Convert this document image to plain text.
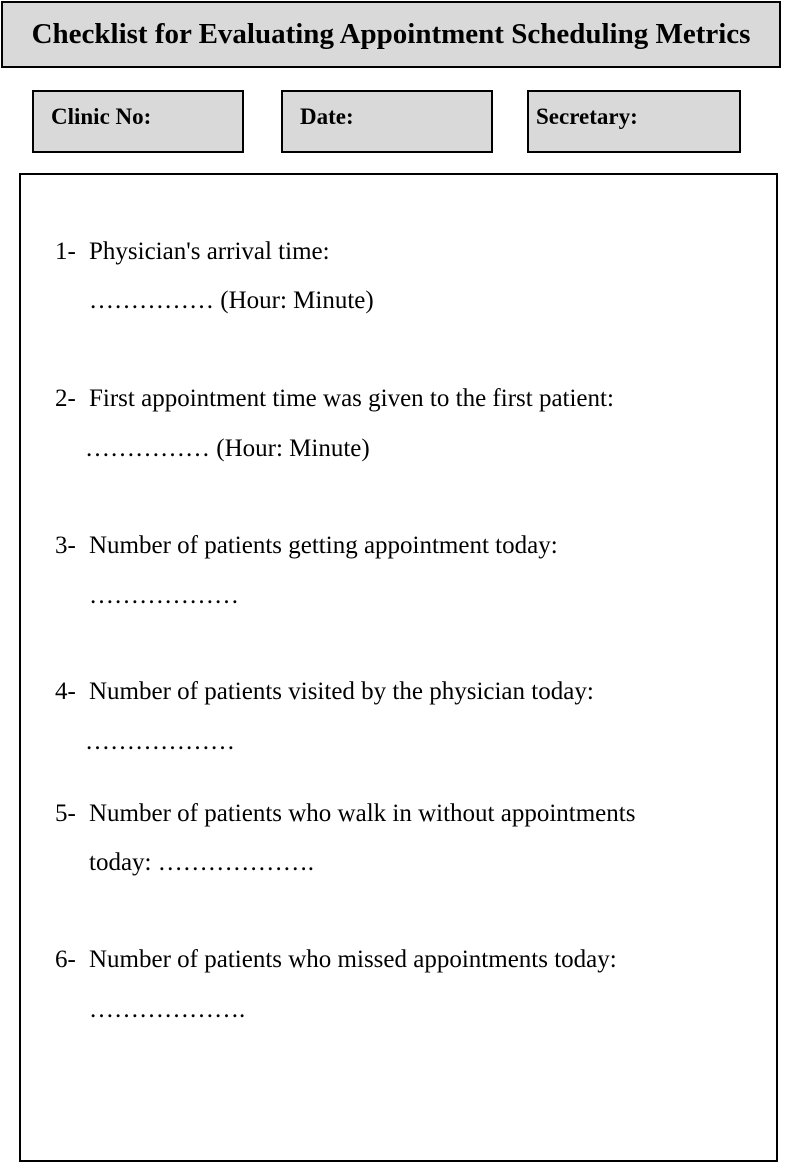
Checklist for Evaluating Appointment Scheduling Metrics
Clinic No:	Date:	Secretary:
1- Physician's arrival time:
…………… (Hour: Minute)
2- First appointment time was given to the first patient:
…………… (Hour: Minute)
3- Number of patients getting appointment today:
………………
4- Number of patients visited by the physician today:
………………
5- Number of patients who walk in without appointments
today: ……………….
6- Number of patients who missed appointments today:
……………….
